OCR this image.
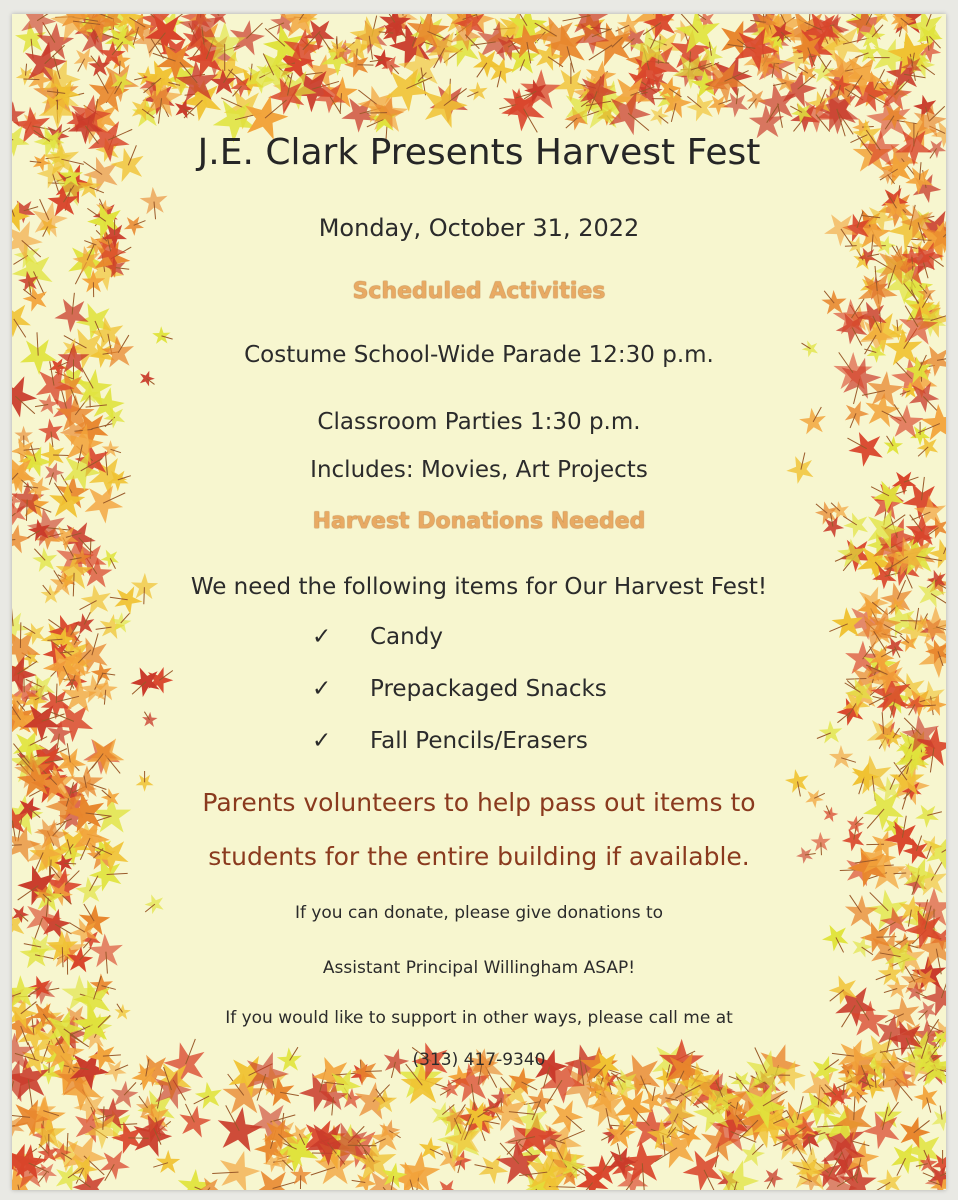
J.E. Clark Presents Harvest Fest
Monday, October 31, 2022
Scheduled Activities
Costume School-Wide Parade 12:30 p.m.
Classroom Parties 1:30 p.m.
Includes: Movies, Art Projects
Harvest Donations Needed
We need the following items for Our Harvest Fest!
✓ Candy
✓ Prepackaged Snacks
✓ Fall Pencils/Erasers
Parents volunteers to help pass out items to
students for the entire building if available.
If you can donate, please give donations to
Assistant Principal Willingham ASAP!
If you would like to support in other ways, please call me at
(313) 417-9340
